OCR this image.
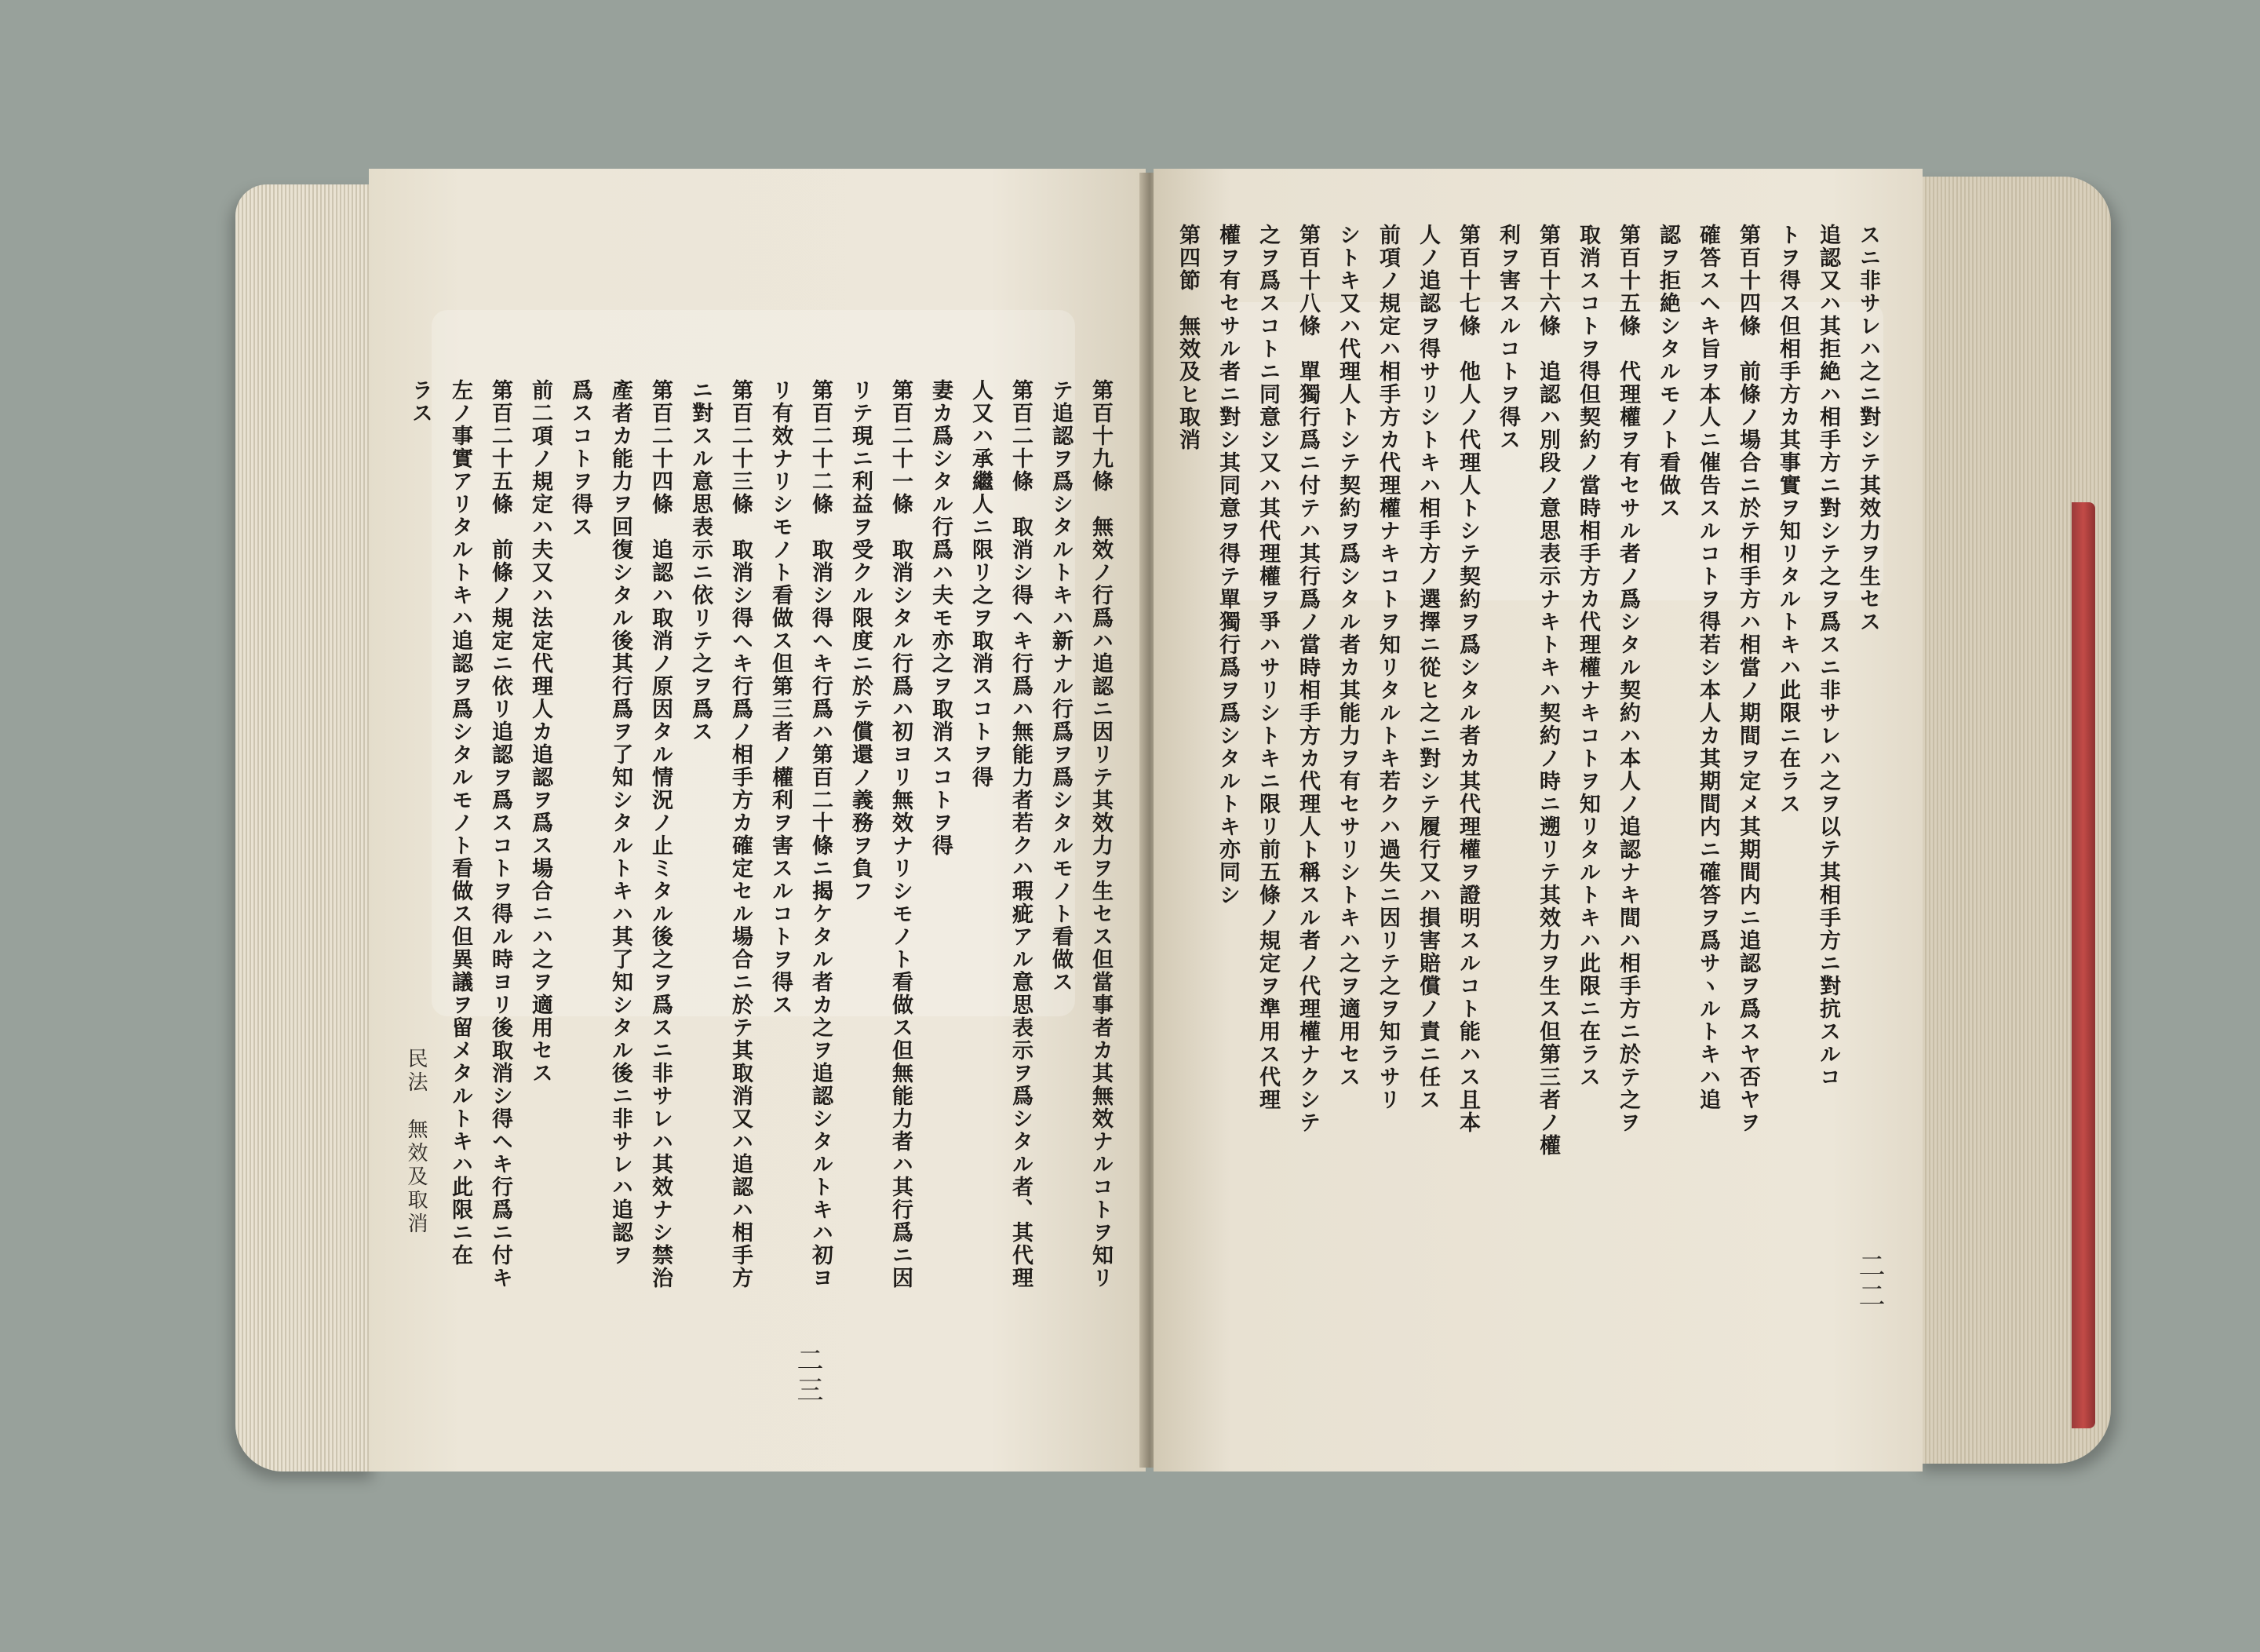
第百十九條　無效ノ行爲ハ追認ニ因リテ其效力ヲ生セス但當事者カ其無效ナルコトヲ知リ
テ追認ヲ爲シタルトキハ新ナル行爲ヲ爲シタルモノト看做ス
第百二十條　取消シ得ヘキ行爲ハ無能力者若クハ瑕疵アル意思表示ヲ爲シタル者、其代理
人又ハ承繼人ニ限リ之ヲ取消スコトヲ得
妻カ爲シタル行爲ハ夫モ亦之ヲ取消スコトヲ得
第百二十一條　取消シタル行爲ハ初ヨリ無效ナリシモノト看做ス但無能力者ハ其行爲ニ因
リテ現ニ利益ヲ受クル限度ニ於テ償還ノ義務ヲ負フ
第百二十二條　取消シ得ヘキ行爲ハ第百二十條ニ揭ケタル者カ之ヲ追認シタルトキハ初ヨ
リ有效ナリシモノト看做ス但第三者ノ權利ヲ害スルコトヲ得ス
第百二十三條　取消シ得ヘキ行爲ノ相手方カ確定セル場合ニ於テ其取消又ハ追認ハ相手方
ニ對スル意思表示ニ依リテ之ヲ爲ス
第百二十四條　追認ハ取消ノ原因タル情況ノ止ミタル後之ヲ爲スニ非サレハ其效ナシ禁治
產者カ能力ヲ回復シタル後其行爲ヲ了知シタルトキハ其了知シタル後ニ非サレハ追認ヲ
爲スコトヲ得ス
前二項ノ規定ハ夫又ハ法定代理人カ追認ヲ爲ス場合ニハ之ヲ適用セス
第百二十五條　前條ノ規定ニ依リ追認ヲ爲スコトヲ得ル時ヨリ後取消シ得ヘキ行爲ニ付キ
左ノ事實アリタルトキハ追認ヲ爲シタルモノト看做ス但異議ヲ留メタルトキハ此限ニ在
ラス
民法　無效及取消
二三
スニ非サレハ之ニ對シテ其效力ヲ生セス
追認又ハ其拒絶ハ相手方ニ對シテ之ヲ爲スニ非サレハ之ヲ以テ其相手方ニ對抗スルコ
トヲ得ス但相手方カ其事實ヲ知リタルトキハ此限ニ在ラス
第百十四條　前條ノ場合ニ於テ相手方ハ相當ノ期間ヲ定メ其期間内ニ追認ヲ爲スヤ否ヤヲ
確答スヘキ旨ヲ本人ニ催告スルコトヲ得若シ本人カ其期間内ニ確答ヲ爲サヽルトキハ追
認ヲ拒絶シタルモノト看做ス
第百十五條　代理權ヲ有セサル者ノ爲シタル契約ハ本人ノ追認ナキ間ハ相手方ニ於テ之ヲ
取消スコトヲ得但契約ノ當時相手方カ代理權ナキコトヲ知リタルトキハ此限ニ在ラス
第百十六條　追認ハ別段ノ意思表示ナキトキハ契約ノ時ニ遡リテ其效力ヲ生ス但第三者ノ權
利ヲ害スルコトヲ得ス
第百十七條　他人ノ代理人トシテ契約ヲ爲シタル者カ其代理權ヲ證明スルコト能ハス且本
人ノ追認ヲ得サリシトキハ相手方ノ選擇ニ從ヒ之ニ對シテ履行又ハ損害賠償ノ責ニ任ス
前項ノ規定ハ相手方カ代理權ナキコトヲ知リタルトキ若クハ過失ニ因リテ之ヲ知ラサリ
シトキ又ハ代理人トシテ契約ヲ爲シタル者カ其能力ヲ有セサリシトキハ之ヲ適用セス
第百十八條　單獨行爲ニ付テハ其行爲ノ當時相手方カ代理人ト稱スル者ノ代理權ナクシテ
之ヲ爲スコトニ同意シ又ハ其代理權ヲ爭ハサリシトキニ限リ前五條ノ規定ヲ準用ス代理
權ヲ有セサル者ニ對シ其同意ヲ得テ單獨行爲ヲ爲シタルトキ亦同シ
第四節　無效及ヒ取消
二二
